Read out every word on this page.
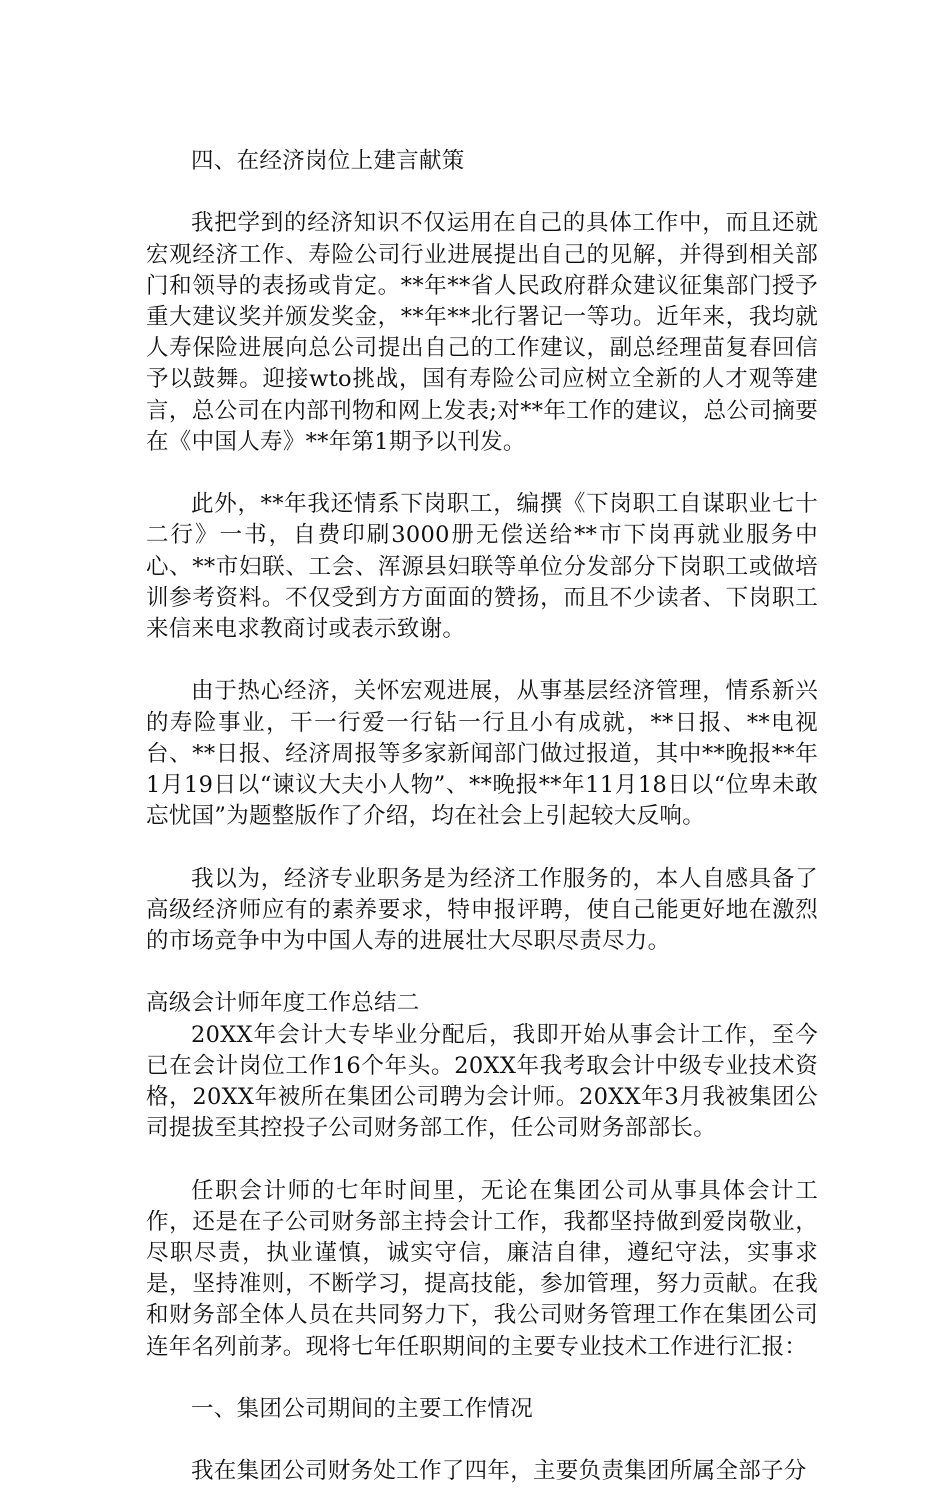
四、在经济岗位上建言献策

我把学到的经济知识不仅运用在自己的具体工作中，而且还就宏观经济工作、寿险公司行业进展提出自己的见解，并得到相关部门和领导的表扬或肯定。**年**省人民政府群众建议征集部门授予重大建议奖并颁发奖金，**年**北行署记一等功。近年来，我均就人寿保险进展向总公司提出自己的工作建议，副总经理苗复春回信予以鼓舞。迎接wto挑战，国有寿险公司应树立全新的人才观等建言，总公司在内部刊物和网上发表;对**年工作的建议，总公司摘要在《中国人寿》**年第1期予以刊发。

此外，**年我还情系下岗职工，编撰《下岗职工自谋职业七十二行》一书，自费印刷3000册无偿送给**市下岗再就业服务中心、**市妇联、工会、浑源县妇联等单位分发部分下岗职工或做培训参考资料。不仅受到方方面面的赞扬，而且不少读者、下岗职工来信来电求教商讨或表示致谢。

由于热心经济，关怀宏观进展，从事基层经济管理，情系新兴的寿险事业，干一行爱一行钻一行且小有成就，**日报、**电视台、**日报、经济周报等多家新闻部门做过报道，其中**晚报**年1月19日以“谏议大夫小人物”、**晚报**年11月18日以“位卑未敢忘忧国”为题整版作了介绍，均在社会上引起较大反响。

我以为，经济专业职务是为经济工作服务的，本人自感具备了高级经济师应有的素养要求，特申报评聘，使自己能更好地在激烈的市场竞争中为中国人寿的进展壮大尽职尽责尽力。

高级会计师年度工作总结二

20XX年会计大专毕业分配后，我即开始从事会计工作，至今已在会计岗位工作16个年头。20XX年我考取会计中级专业技术资格，20XX年被所在集团公司聘为会计师。20XX年3月我被集团公司提拔至其控投子公司财务部工作，任公司财务部部长。

任职会计师的七年时间里，无论在集团公司从事具体会计工作，还是在子公司财务部主持会计工作，我都坚持做到爱岗敬业，尽职尽责，执业谨慎，诚实守信，廉洁自律，遵纪守法，实事求是，坚持准则，不断学习，提高技能，参加管理，努力贡献。在我和财务部全体人员在共同努力下，我公司财务管理工作在集团公司连年名列前茅。现将七年任职期间的主要专业技术工作进行汇报：

一、集团公司期间的主要工作情况

我在集团公司财务处工作了四年，主要负责集团所属全部子分
